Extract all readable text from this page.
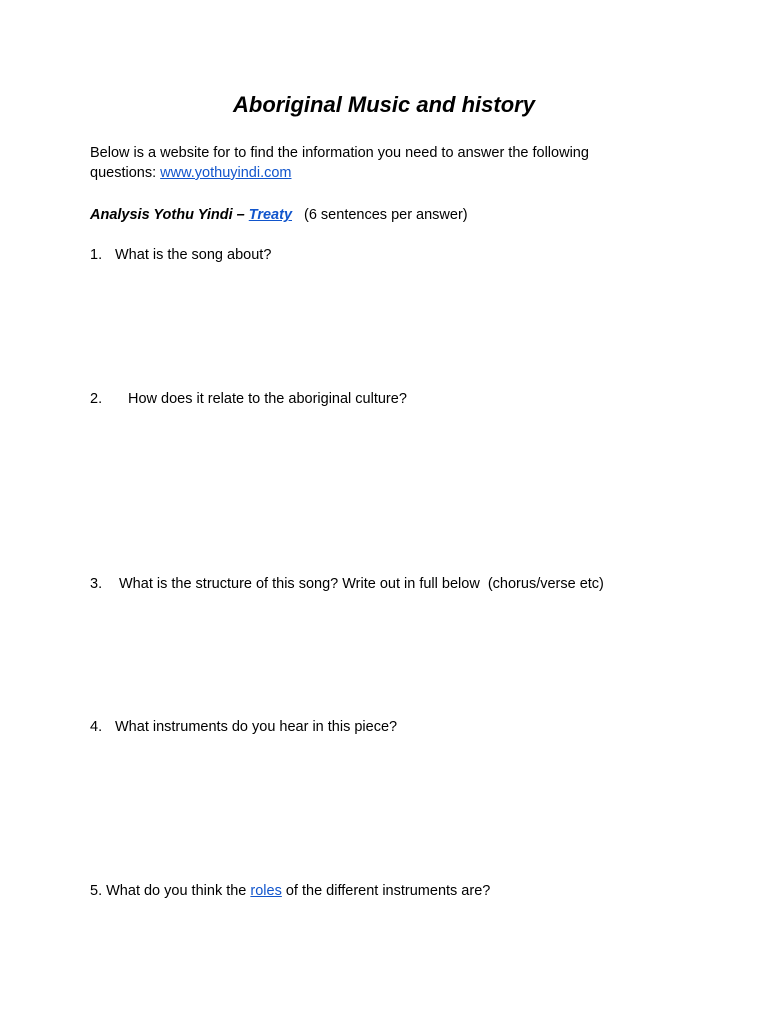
Aboriginal Music and history
Below is a website for to find the information you need to answer the following questions: www.yothuyindi.com
Analysis Yothu Yindi – Treaty (6 sentences per answer)
1. What is the song about?
2. How does it relate to the aboriginal culture?
3. What is the structure of this song? Write out in full below  (chorus/verse etc)
4. What instruments do you hear in this piece?
5. What do you think the roles of the different instruments are?
